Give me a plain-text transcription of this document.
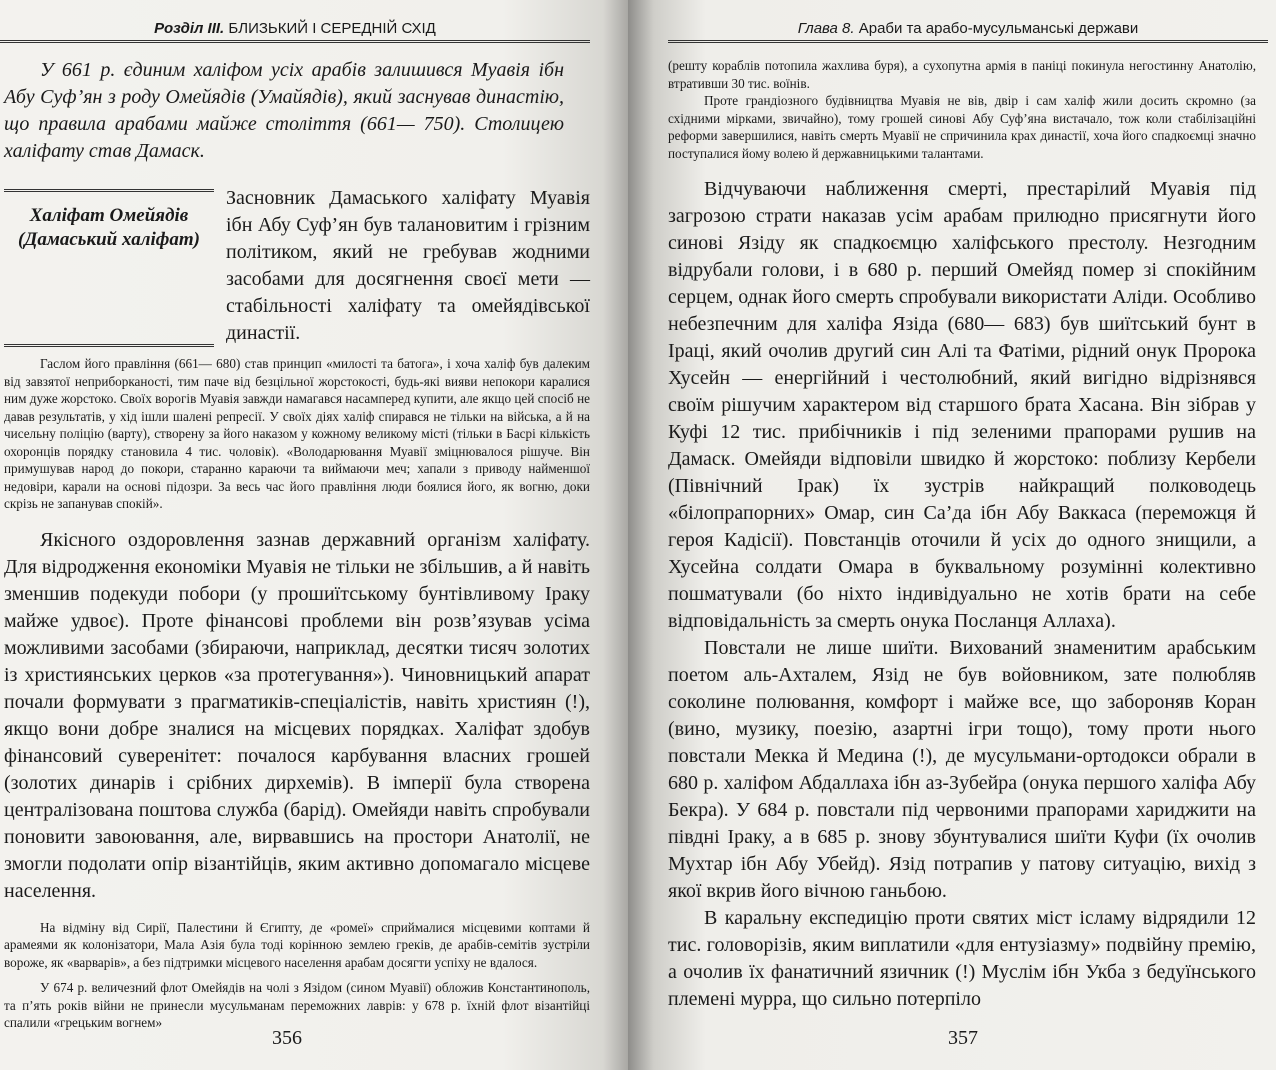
Розділ III. БЛИЗЬКИЙ І СЕРЕДНІЙ СХІД

У 661 р. єдиним халіфом усіх арабів залишився Муавія ібн Абу Суф’ян з роду Омейядів (Умайядів), який заснував династію, що правила арабами майже століття (661— 750). Столицею халіфату став Дамаск.

Халіфат Омейядів (Дамаський халіфат)
Засновник Дамаського халіфату Муавія ібн Абу Суф’ян був талановитим і грізним політиком, який не гребував жодними засобами для досягнення своєї мети — стабільності халіфату та омейядівської династії.

Гаслом його правління (661— 680) став принцип «милості та батога», і хоча халіф був далеким від завзятої неприборканості, тим паче від безцільної жорстокості, будь-які вияви непокори каралися ним дуже жорстоко. Своїх ворогів Муавія завжди намагався насамперед купити, але якщо цей спосіб не давав результатів, у хід ішли шалені репресії. У своїх діях халіф спирався не тільки на війська, а й на чисельну поліцію (варту), створену за його наказом у кожному великому місті (тільки в Басрі кількість охоронців порядку становила 4 тис. чоловік). «Володарювання Муавії зміцнювалося рішуче. Він примушував народ до покори, старанно караючи та виймаючи меч; хапали з приводу найменшої недовіри, карали на основі підозри. За весь час його правління люди боялися його, як вогню, доки скрізь не запанував спокій».

Якісного оздоровлення зазнав державний організм халіфату. Для відродження економіки Муавія не тільки не збільшив, а й навіть зменшив подекуди побори (у прошиїтському бунтівливому Іраку майже удвоє). Проте фінансові проблеми він розв’язував усіма можливими засобами (збираючи, наприклад, десятки тисяч золотих із християнських церков «за протегування»). Чиновницький апарат почали формувати з прагматиків-спеціалістів, навіть християн (!), якщо вони добре зналися на місцевих порядках. Халіфат здобув фінансовий суверенітет: почалося карбування власних грошей (золотих динарів і срібних дирхемів). В імперії була створена централізована поштова служба (барід). Омейяди навіть спробували поновити завоювання, але, вирвавшись на простори Анатолії, не змогли подолати опір візантійців, яким активно допомагало місцеве населення.

На відміну від Сирії, Палестини й Єгипту, де «ромеї» сприймалися місцевими коптами й арамеями як колонізатори, Мала Азія була тоді корінною землею греків, де арабів-семітів зустріли вороже, як «варварів», а без підтримки місцевого населення арабам досягти успіху не вдалося.

У 674 р. величезний флот Омейядів на чолі з Язідом (сином Муавії) обложив Константинополь, та п’ять років війни не принесли мусульманам переможних лаврів: у 678 р. їхній флот візантійці спалили «грецьким вогнем»

356
Глава 8. Араби та арабо-мусульманські держави

(решту кораблів потопила жахлива буря), а сухопутна армія в паніці покинула негостинну Анатолію, втративши 30 тис. воїнів.

Проте грандіозного будівництва Муавія не вів, двір і сам халіф жили досить скромно (за східними мірками, звичайно), тому грошей синові Абу Суф’яна вистачало, тож коли стабілізаційні реформи завершилися, навіть смерть Муавії не спричинила крах династії, хоча його спадкоємці значно поступалися йому волею й державницькими талантами.

Відчуваючи наближення смерті, престарілий Муавія під загрозою страти наказав усім арабам прилюдно присягнути його синові Язіду як спадкоємцю халіфського престолу. Незгодним відрубали голови, і в 680 р. перший Омейяд помер зі спокійним серцем, однак його смерть спробували використати Аліди. Особливо небезпечним для халіфа Язіда (680— 683) був шиїтський бунт в Іраці, який очолив другий син Алі та Фатіми, рідний онук Пророка Хусейн — енергійний і честолюбний, який вигідно відрізнявся своїм рішучим характером від старшого брата Хасана. Він зібрав у Куфі 12 тис. прибічників і під зеленими прапорами рушив на Дамаск. Омейяди відповіли швидко й жорстоко: поблизу Кербели (Північний Ірак) їх зустрів найкращий полководець «білопрапорних» Омар, син Са’да ібн Абу Ваккаса (переможця й героя Кадісії). Повстанців оточили й усіх до одного знищили, а Хусейна солдати Омара в буквальному розумінні колективно пошматували (бо ніхто індивідуально не хотів брати на себе відповідальність за смерть онука Посланця Аллаха).

Повстали не лише шиїти. Вихований знаменитим арабським поетом аль-Ахталем, Язід не був войовником, зате полюбляв соколине полювання, комфорт і майже все, що забороняв Коран (вино, музику, поезію, азартні ігри тощо), тому проти нього повстали Мекка й Медина (!), де мусульмани-ортодокси обрали в 680 р. халіфом Абдаллаха ібн аз-Зубейра (онука першого халіфа Абу Бекра). У 684 р. повстали під червоними прапорами хариджити на півдні Іраку, а в 685 р. знову збунтувалися шиїти Куфи (їх очолив Мухтар ібн Абу Убейд). Язід потрапив у патову ситуацію, вихід з якої вкрив його вічною ганьбою.

В каральну експедицію проти святих міст ісламу відрядили 12 тис. головорізів, яким виплатили «для ентузіазму» подвійну премію, а очолив їх фанатичний язичник (!) Муслім ібн Укба з бедуїнського племені мурра, що сильно потерпіло

357
